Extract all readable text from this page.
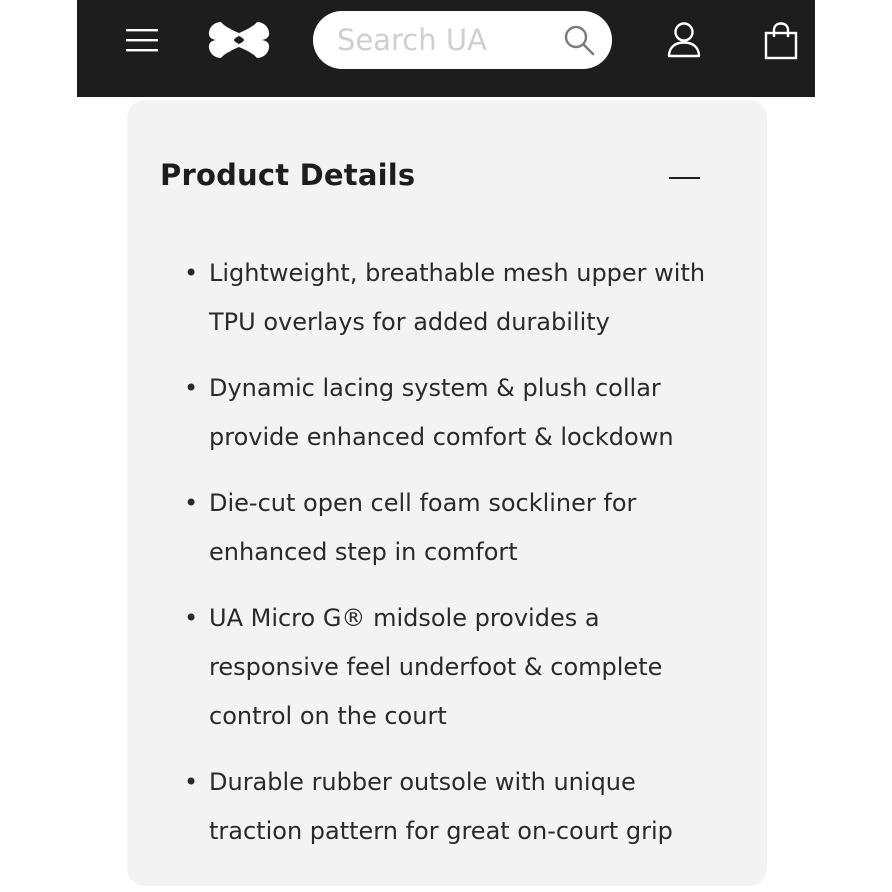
Search UA
Product Details
• Lightweight, breathable mesh upper with
TPU overlays for added durability
• Dynamic lacing system & plush collar
provide enhanced comfort & lockdown
• Die-cut open cell foam sockliner for
enhanced step in comfort
• UA Micro G® midsole provides a
responsive feel underfoot & complete
control on the court
• Durable rubber outsole with unique
traction pattern for great on-court grip
